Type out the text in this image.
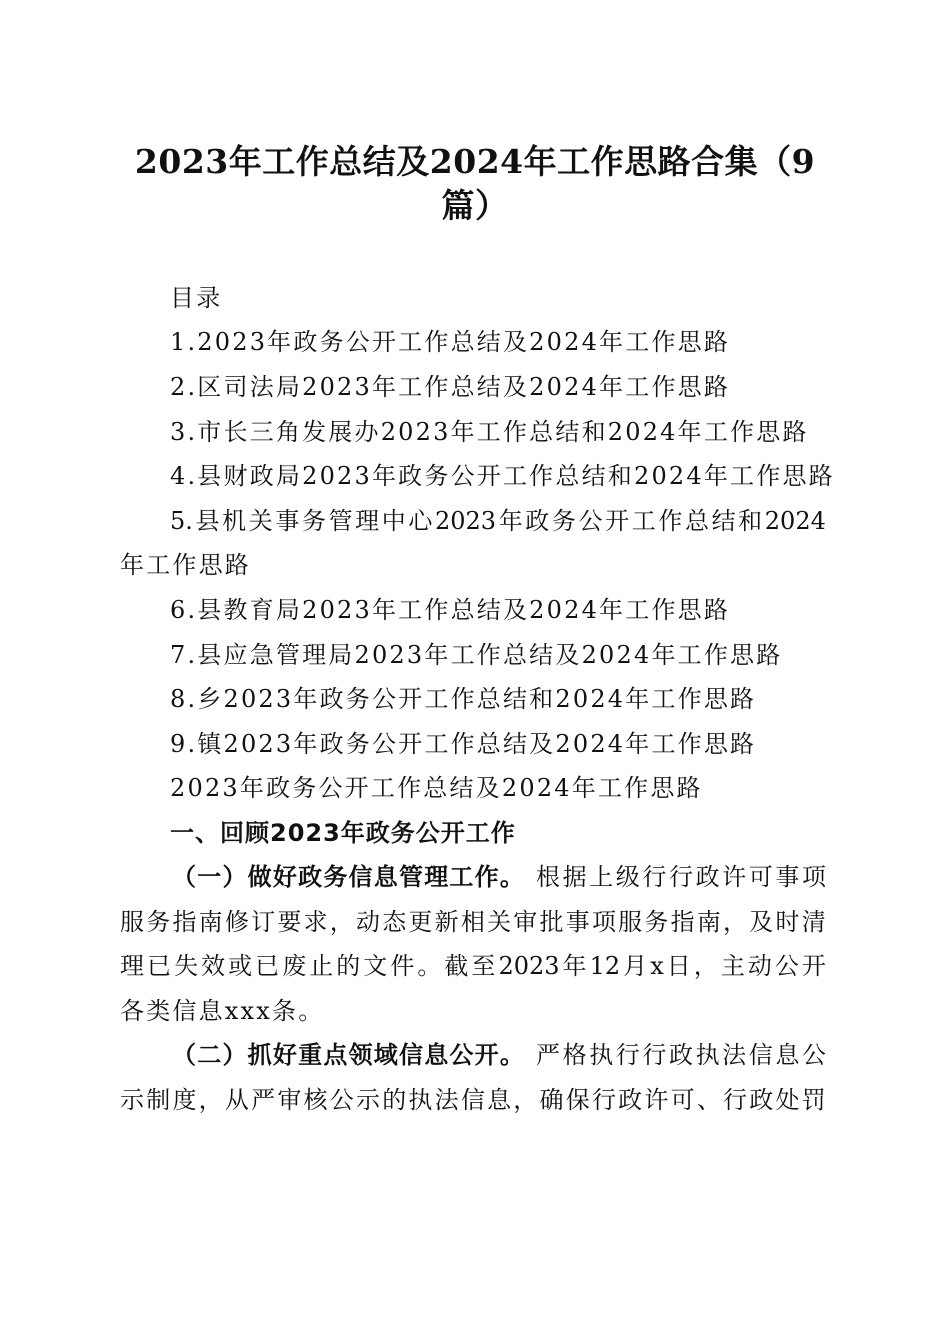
2023年工作总结及2024年工作思路合集（9
篇）
目录
1.2023年政务公开工作总结及2024年工作思路
2.区司法局2023年工作总结及2024年工作思路
3.市长三角发展办2023年工作总结和2024年工作思路
4.县财政局2023年政务公开工作总结和2024年工作思路
5. 县 机 关 事 务 管 理 中 心 2023 年 政 务 公 开 工 作 总 结 和 2024
年工作思路
6.县教育局2023年工作总结及2024年工作思路
7.县应急管理局2023年工作总结及2024年工作思路
8.乡2023年政务公开工作总结和2024年工作思路
9.镇2023年政务公开工作总结及2024年工作思路
2023年政务公开工作总结及2024年工作思路
一、回顾2023年政务公开工作
（ 一 ） 做 好 政 务 信 息 管 理 工 作 。 根 据 上 级 行 行 政 许 可 事 项
服 务 指 南 修 订 要 求 ， 动 态 更 新 相 关 审 批 事 项 服 务 指 南 ， 及 时 清
理 已 失 效 或 已 废 止 的 文 件 。 截 至 2023 年 12 月 x 日 ， 主 动 公 开
各类信息xxx条。
（ 二 ） 抓 好 重 点 领 域 信 息 公 开 。 严 格 执 行 行 政 执 法 信 息 公
示 制 度 ， 从 严 审 核 公 示 的 执 法 信 息 ， 确 保 行 政 许 可 、 行 政 处 罚
